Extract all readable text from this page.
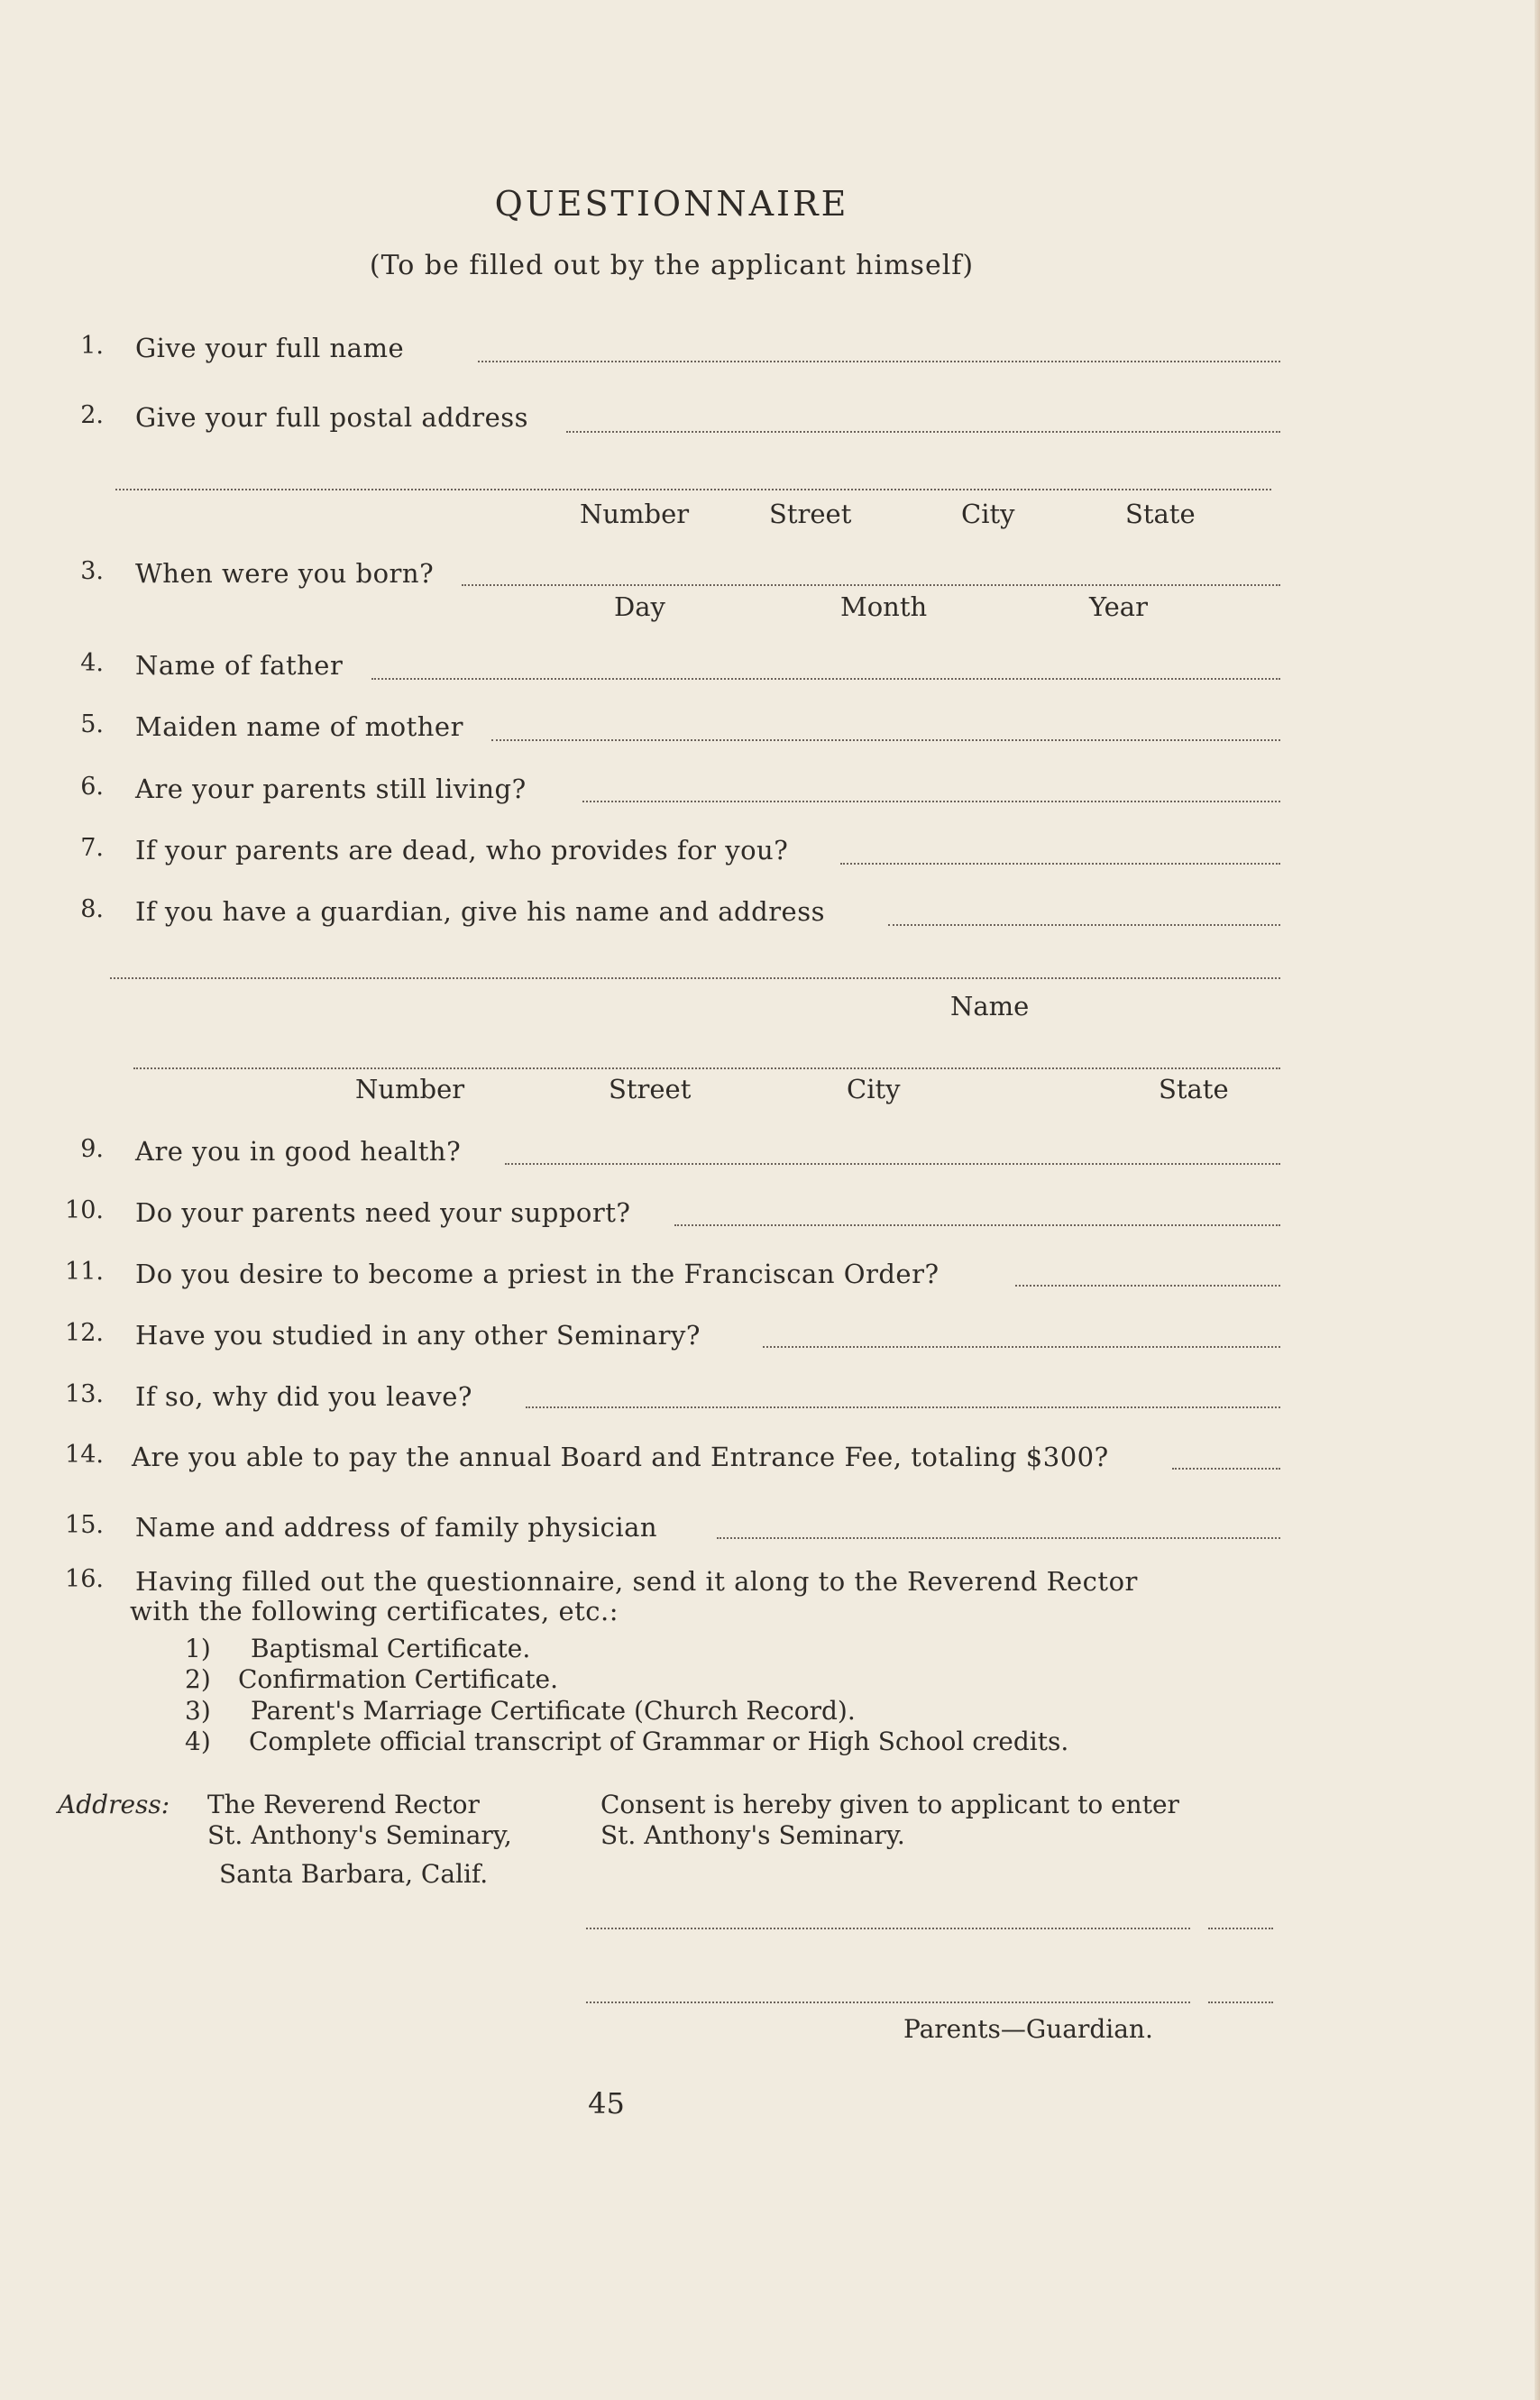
QUESTIONNAIRE
(To be filled out by the applicant himself)
1. Give your full name
2. Give your full postal address
Number	Street	City	State
3. When were you born?
Day	Month	Year
4. Name of father
5. Maiden name of mother
6. Are your parents still living?
7. If your parents are dead, who provides for you?
8. If you have a guardian, give his name and address
Name
Number	Street	City	State
9. Are you in good health?
10. Do your parents need your support?
11. Do you desire to become a priest in the Franciscan Order?
12. Have you studied in any other Seminary?
13. If so, why did you leave?
14. Are you able to pay the annual Board and Entrance Fee, totaling $300?
15. Name and address of family physician
16. Having filled out the questionnaire, send it along to the Reverend Rector
with the following certificates, etc.:
1) Baptismal Certificate.
2) Confirmation Certificate.
3) Parent's Marriage Certificate (Church Record).
4) Complete official transcript of Grammar or High School credits.
Address: The Reverend Rector
St. Anthony's Seminary,
Santa Barbara, Calif.
Consent is hereby given to applicant to enter
St. Anthony's Seminary.
Parents—Guardian.
45
